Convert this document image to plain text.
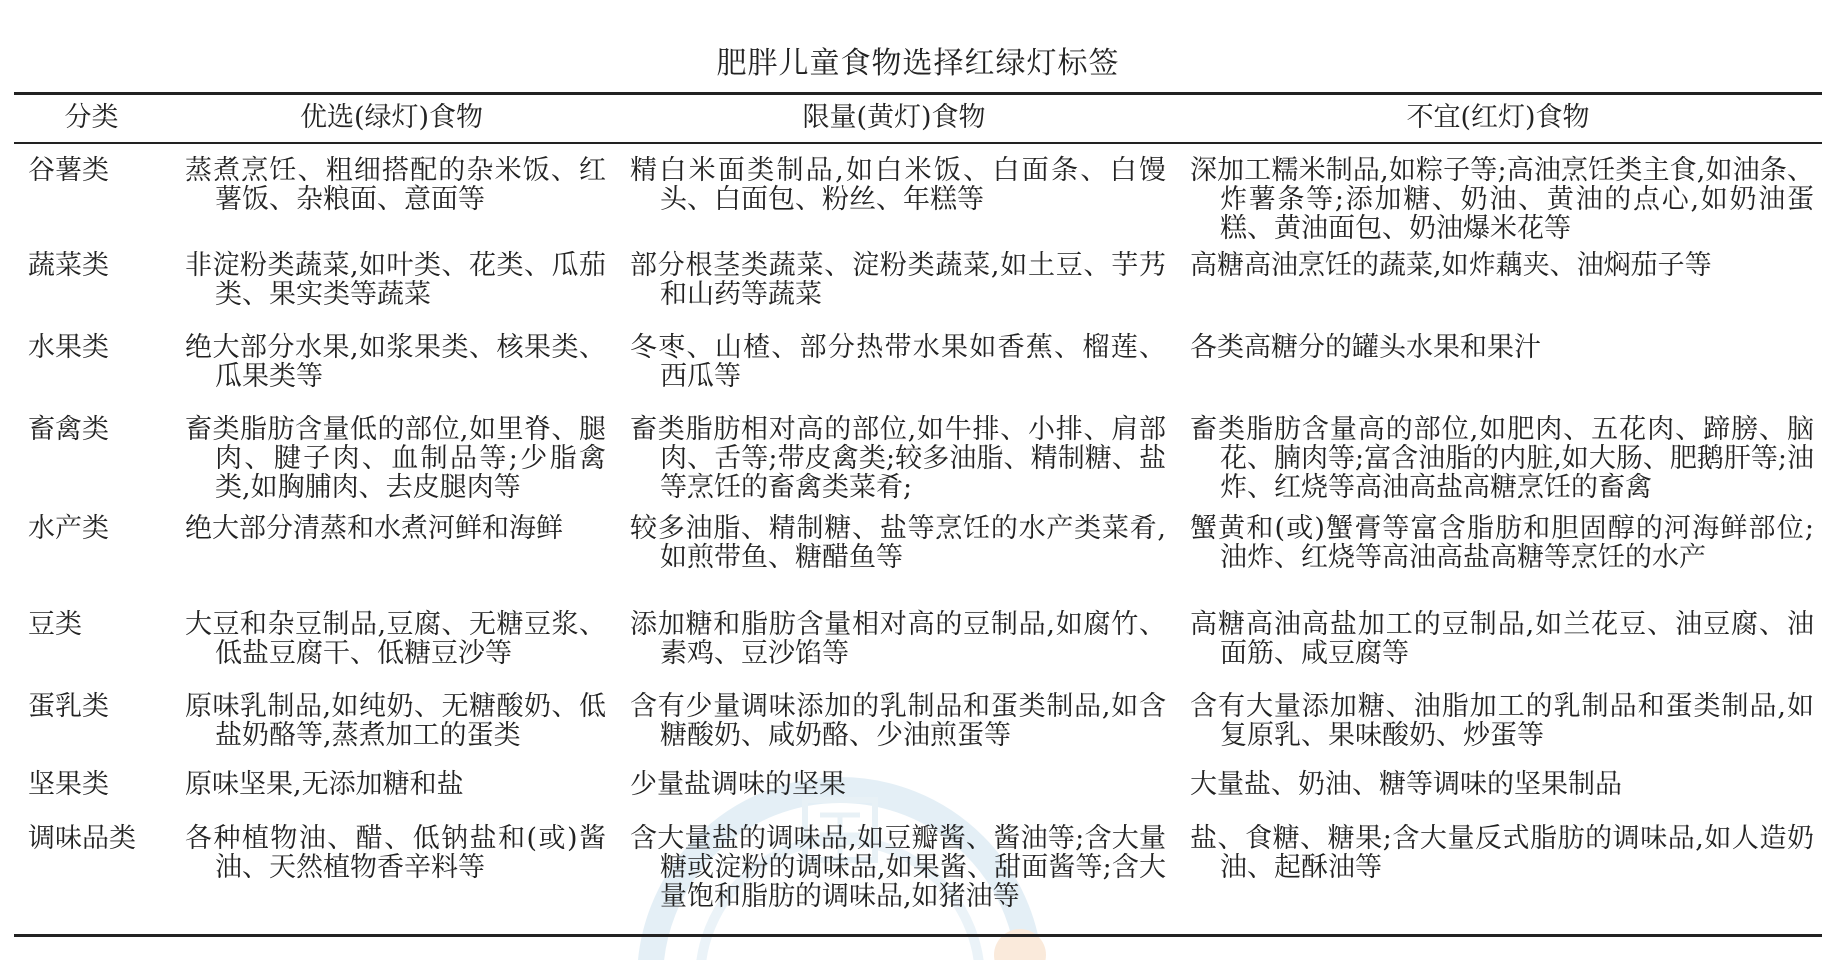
肥胖儿童食物选择红绿灯标签
分类	优选(绿灯)食物	限量(黄灯)食物	不宜(红灯)食物
谷薯类	蒸煮烹饪、粗细搭配的杂米饭、红薯饭、杂粮面、意面等	精白米面类制品,如白米饭、白面条、白馒头、白面包、粉丝、年糕等	深加工糯米制品,如粽子等;高油烹饪类主食,如油条、炸薯条等;添加糖、奶油、黄油的点心,如奶油蛋糕、黄油面包、奶油爆米花等

蔬菜类	非淀粉类蔬菜,如叶类、花类、瓜茄类、果实类等蔬菜	部分根茎类蔬菜、淀粉类蔬菜,如土豆、芋艿和山药等蔬菜	高糖高油烹饪的蔬菜,如炸藕夹、油焖茄子等

水果类	绝大部分水果,如浆果类、核果类、瓜果类等	冬枣、山楂、部分热带水果如香蕉、榴莲、西瓜等	各类高糖分的罐头水果和果汁

畜禽类	畜类脂肪含量低的部位,如里脊、腿肉、腱子肉、血制品等;少脂禽类,如胸脯肉、去皮腿肉等	畜类脂肪相对高的部位,如牛排、小排、肩部肉、舌等;带皮禽类;较多油脂、精制糖、盐等烹饪的畜禽类菜肴;	畜类脂肪含量高的部位,如肥肉、五花肉、蹄膀、脑花、腩肉等;富含油脂的内脏,如大肠、肥鹅肝等;油炸、红烧等高油高盐高糖烹饪的畜禽

水产类	绝大部分清蒸和水煮河鲜和海鲜	较多油脂、精制糖、盐等烹饪的水产类菜肴,如煎带鱼、糖醋鱼等	蟹黄和(或)蟹膏等富含脂肪和胆固醇的河海鲜部位;油炸、红烧等高油高盐高糖等烹饪的水产

豆类	大豆和杂豆制品,豆腐、无糖豆浆、低盐豆腐干、低糖豆沙等	添加糖和脂肪含量相对高的豆制品,如腐竹、素鸡、豆沙馅等	高糖高油高盐加工的豆制品,如兰花豆、油豆腐、油面筋、咸豆腐等

蛋乳类	原味乳制品,如纯奶、无糖酸奶、低盐奶酪等,蒸煮加工的蛋类	含有少量调味添加的乳制品和蛋类制品,如含糖酸奶、咸奶酪、少油煎蛋等	含有大量添加糖、油脂加工的乳制品和蛋类制品,如复原乳、果味酸奶、炒蛋等

坚果类	原味坚果,无添加糖和盐	少量盐调味的坚果	大量盐、奶油、糖等调味的坚果制品

调味品类	各种植物油、醋、低钠盐和(或)酱油、天然植物香辛料等	含大量盐的调味品,如豆瓣酱、酱油等;含大量糖或淀粉的调味品,如果酱、甜面酱等;含大量饱和脂肪的调味品,如猪油等	盐、食糖、糖果;含大量反式脂肪的调味品,如人造奶油、起酥油等
